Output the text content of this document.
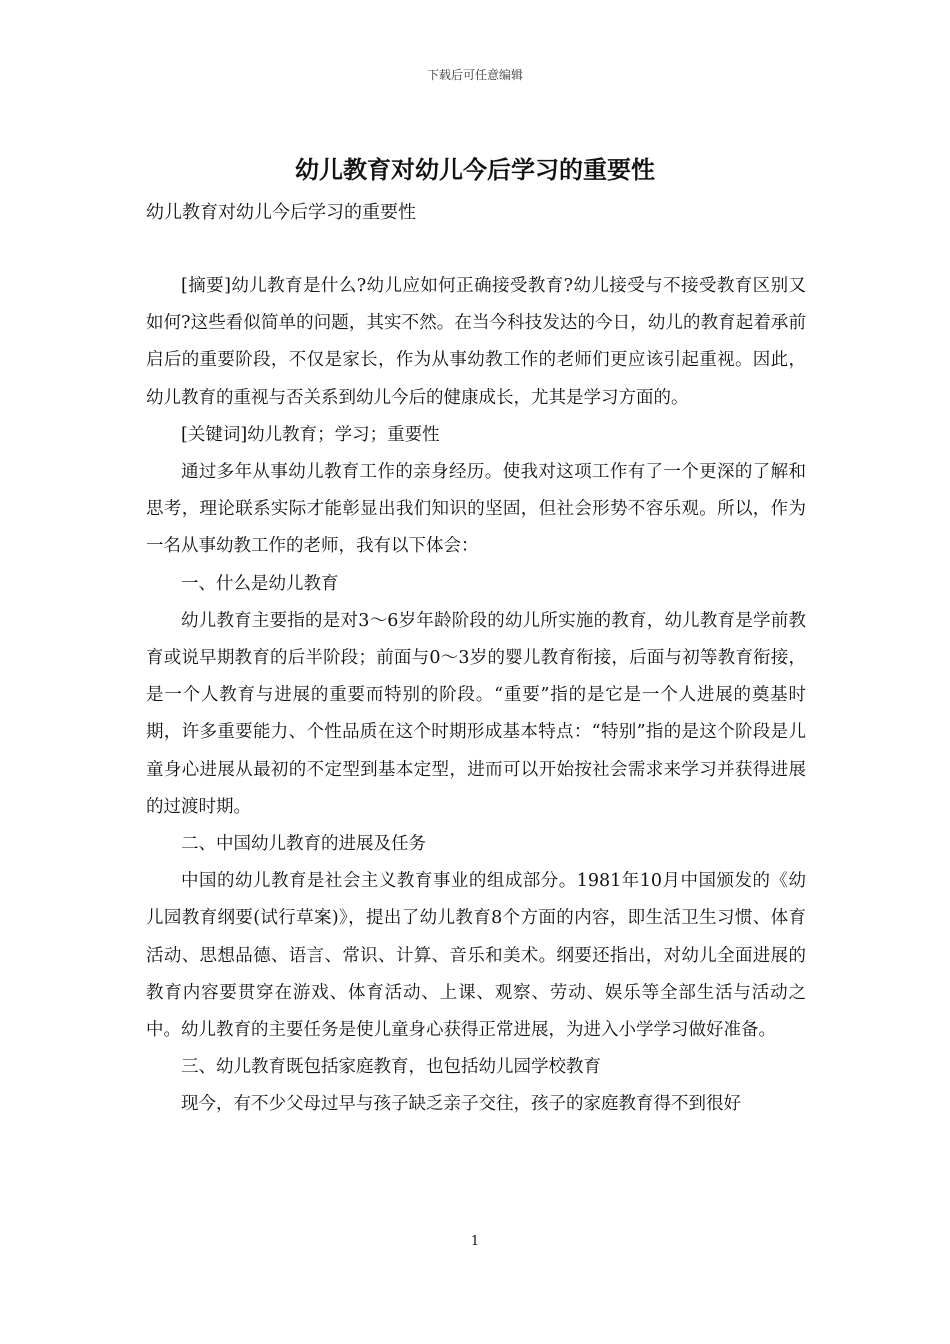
下载后可任意编辑
幼儿教育对幼儿今后学习的重要性

幼儿教育对幼儿今后学习的重要性

[摘要]幼儿教育是什么?幼儿应如何正确接受教育?幼儿接受与不接受教育区别又如何?这些看似简单的问题，其实不然。在当今科技发达的今日，幼儿的教育起着承前启后的重要阶段，不仅是家长，作为从事幼教工作的老师们更应该引起重视。因此，幼儿教育的重视与否关系到幼儿今后的健康成长，尤其是学习方面的。

[关键词]幼儿教育；学习；重要性

通过多年从事幼儿教育工作的亲身经历。使我对这项工作有了一个更深的了解和思考，理论联系实际才能彰显出我们知识的坚固，但社会形势不容乐观。所以，作为一名从事幼教工作的老师，我有以下体会：

一、什么是幼儿教育

幼儿教育主要指的是对3～6岁年龄阶段的幼儿所实施的教育，幼儿教育是学前教育或说早期教育的后半阶段；前面与0～3岁的婴儿教育衔接，后面与初等教育衔接，是一个人教育与进展的重要而特别的阶段。“重要”指的是它是一个人进展的奠基时期，许多重要能力、个性品质在这个时期形成基本特点：“特别”指的是这个阶段是儿童身心进展从最初的不定型到基本定型，进而可以开始按社会需求来学习并获得进展的过渡时期。

二、中国幼儿教育的进展及任务

中国的幼儿教育是社会主义教育事业的组成部分。1981年10月中国颁发的《幼儿园教育纲要(试行草案)》，提出了幼儿教育8个方面的内容，即生活卫生习惯、体育活动、思想品德、语言、常识、计算、音乐和美术。纲要还指出，对幼儿全面进展的教育内容要贯穿在游戏、体育活动、上课、观察、劳动、娱乐等全部生活与活动之中。幼儿教育的主要任务是使儿童身心获得正常进展，为进入小学学习做好准备。

三、幼儿教育既包括家庭教育，也包括幼儿园学校教育

现今，有不少父母过早与孩子缺乏亲子交往，孩子的家庭教育得不到很好

1
